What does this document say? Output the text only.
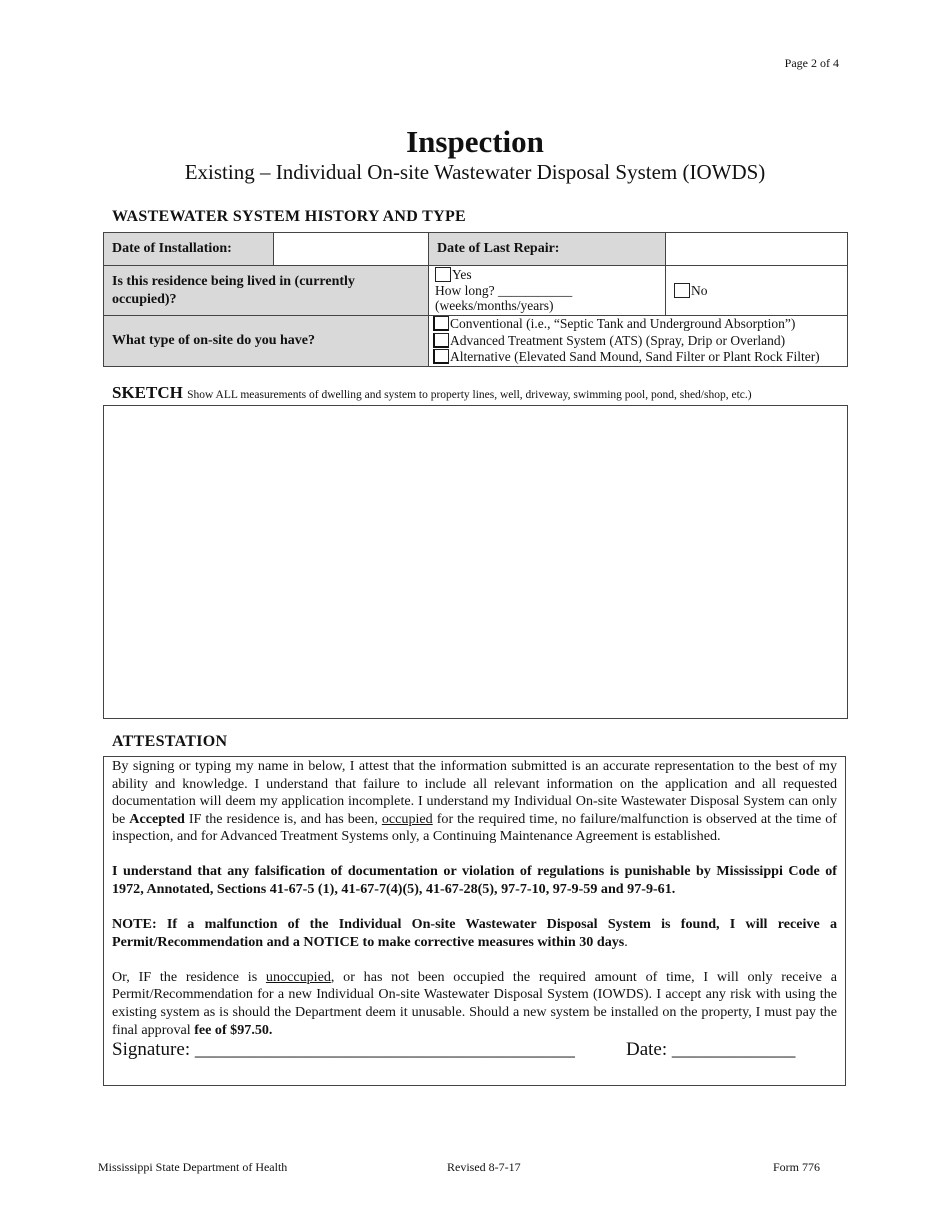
Page 2 of 4
Inspection
Existing – Individual On-site Wastewater Disposal System (IOWDS)
WASTEWATER SYSTEM HISTORY AND TYPE
Date of Installation:		Date of Last Repair:	
Is this residence being lived in (currently occupied)?		Yes
How long? ___________
(weeks/months/years)	No
What type of on-site do you have?		Conventional (i.e., “Septic Tank and Underground Absorption”)
Advanced Treatment System (ATS) (Spray, Drip or Overland)
Alternative (Elevated Sand Mound, Sand Filter or Plant Rock Filter)	
SKETCH Show ALL measurements of dwelling and system to property lines, well, driveway, swimming pool, pond, shed/shop, etc.)
ATTESTATION

By signing or typing my name in below, I attest that the information submitted is an accurate representation to the best of my ability and knowledge. I understand that failure to include all relevant information on the application and all requested documentation will deem my application incomplete. I understand my Individual On-site Wastewater Disposal System can only be Accepted IF the residence is, and has been, occupied for the required time, no failure/malfunction is observed at the time of inspection, and for Advanced Treatment Systems only, a Continuing Maintenance Agreement is established.

I understand that any falsification of documentation or violation of regulations is punishable by Mississippi Code of 1972, Annotated, Sections 41-67-5 (1), 41-67-7(4)(5), 41-67-28(5), 97-7-10, 97-9-59 and 97-9-61.

NOTE: If a malfunction of the Individual On-site Wastewater Disposal System is found, I will receive a Permit/Recommendation and a NOTICE to make corrective measures within 30 days.

Or, IF the residence is unoccupied, or has not been occupied the required amount of time, I will only receive a Permit/Recommendation for a new Individual On-site Wastewater Disposal System (IOWDS). I accept any risk with using the existing system as is should the Department deem it unusable. Should a new system be installed on the property, I must pay the final approval fee of $97.50.

Signature: ________________________________________	Date: _____________
Mississippi State Department of Health	Revised 8-7-17	Form 776
